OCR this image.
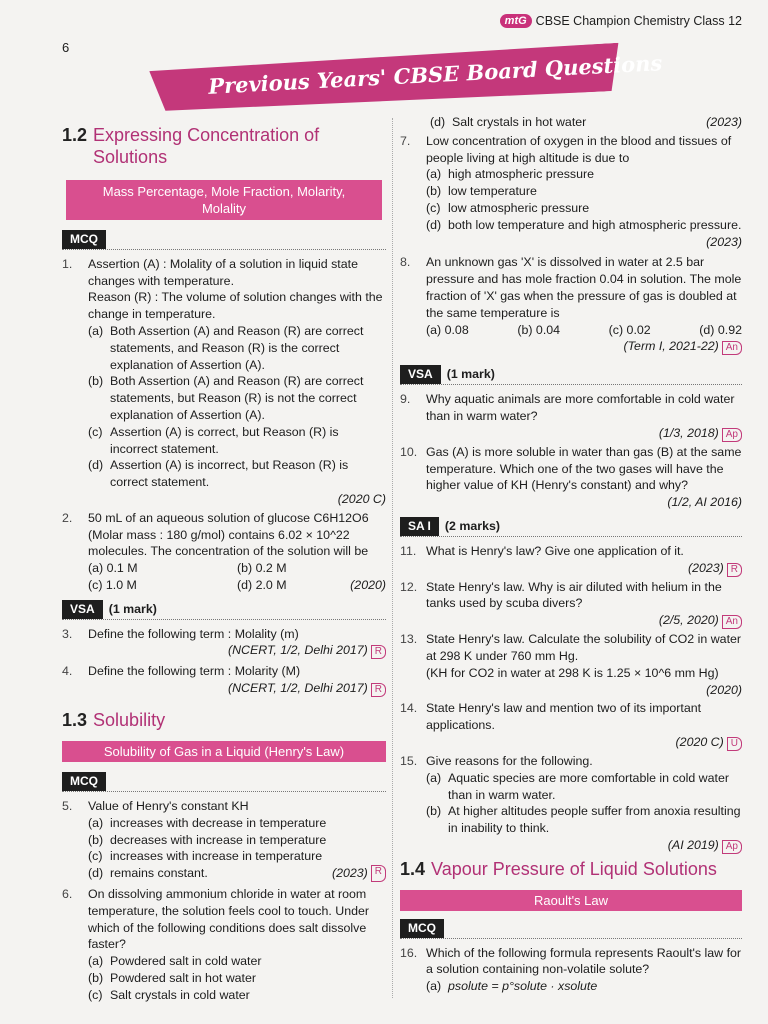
6
mtG CBSE Champion Chemistry Class 12
Previous Years' CBSE Board Questions
1.2 Expressing Concentration of Solutions
Mass Percentage, Mole Fraction, Molarity, Molality
MCQ
1.	Assertion (A) : Molality of a solution in liquid state changes with temperature.
Reason (R) : The volume of solution changes with the change in temperature.
(a) Both Assertion (A) and Reason (R) are correct statements, and Reason (R) is the correct explanation of Assertion (A).
(b) Both Assertion (A) and Reason (R) are correct statements, but Reason (R) is not the correct explanation of Assertion (A).
(c) Assertion (A) is correct, but Reason (R) is incorrect statement.
(d) Assertion (A) is incorrect, but Reason (R) is correct statement.
(2020 C)
2.	50 mL of an aqueous solution of glucose C6H12O6 (Molar mass : 180 g/mol) contains 6.02 × 10^22 molecules. The concentration of the solution will be
(a) 0.1 M	(b) 0.2 M
(c) 1.0 M	(d) 2.0 M	(2020)
VSA	(1 mark)
3.	Define the following term : Molality (m)
(NCERT, 1/2, Delhi 2017) R
4.	Define the following term : Molarity (M)
(NCERT, 1/2, Delhi 2017) R
1.3 Solubility
Solubility of Gas in a Liquid (Henry's Law)
MCQ
5.	Value of Henry's constant KH
(a) increases with decrease in temperature
(b) decreases with increase in temperature
(c) increases with increase in temperature
(d) remains constant.	(2023) R
6.	On dissolving ammonium chloride in water at room temperature, the solution feels cool to touch. Under which of the following conditions does salt dissolve faster?
(a) Powdered salt in cold water
(b) Powdered salt in hot water
(c) Salt crystals in cold water
(d) Salt crystals in hot water	(2023)
7.	Low concentration of oxygen in the blood and tissues of people living at high altitude is due to
(a) high atmospheric pressure
(b) low temperature
(c) low atmospheric pressure
(d) both low temperature and high atmospheric pressure.
(2023)
8.	An unknown gas 'X' is dissolved in water at 2.5 bar pressure and has mole fraction 0.04 in solution. The mole fraction of 'X' gas when the pressure of gas is doubled at the same temperature is
(a) 0.08	(b) 0.04	(c) 0.02	(d) 0.92
(Term I, 2021-22) An
VSA	(1 mark)
9.	Why aquatic animals are more comfortable in cold water than in warm water?
(1/3, 2018) Ap
10. Gas (A) is more soluble in water than gas (B) at the same temperature. Which one of the two gases will have the higher value of KH (Henry's constant) and why?
(1/2, AI 2016)
SA I	(2 marks)
11. What is Henry's law? Give one application of it.
(2023) R
12. State Henry's law. Why is air diluted with helium in the tanks used by scuba divers?
(2/5, 2020) An
13. State Henry's law. Calculate the solubility of CO2 in water at 298 K under 760 mm Hg.
(KH for CO2 in water at 298 K is 1.25 × 10^6 mm Hg)
(2020)
14. State Henry's law and mention two of its important applications.
(2020 C) U
15. Give reasons for the following.
(a) Aquatic species are more comfortable in cold water than in warm water.
(b) At higher altitudes people suffer from anoxia resulting in inability to think.
(AI 2019) Ap
1.4 Vapour Pressure of Liquid Solutions
Raoult's Law
MCQ
16. Which of the following formula represents Raoult's law for a solution containing non-volatile solute?
(a) psolute = p°solute · xsolute
